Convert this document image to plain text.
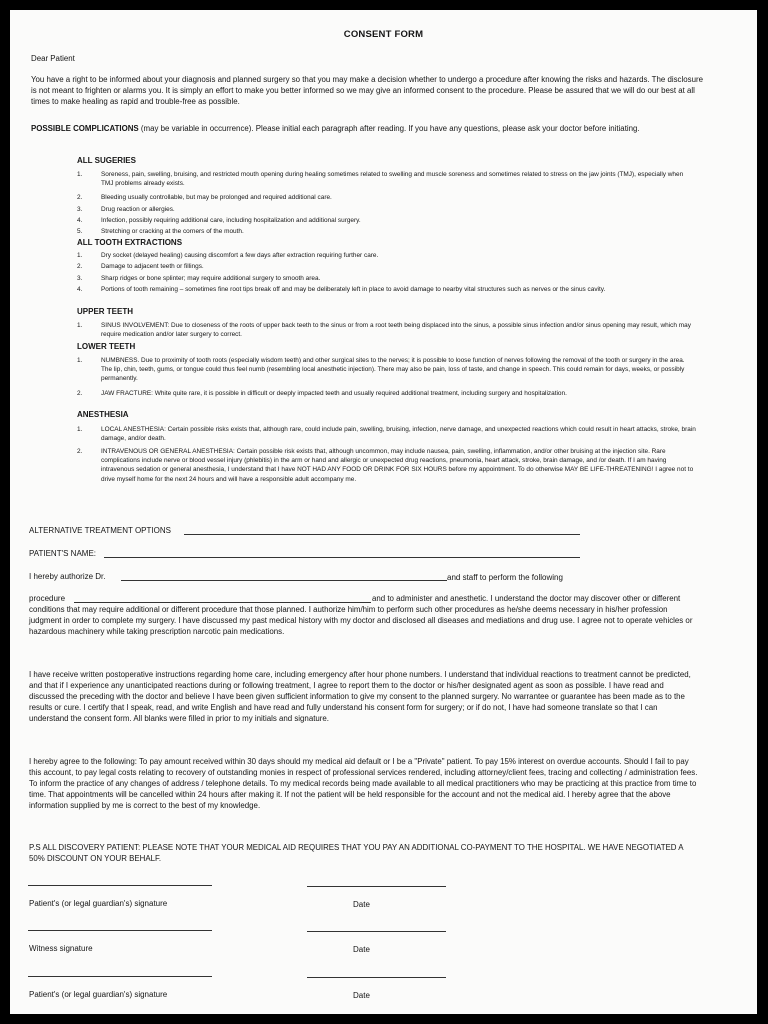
CONSENT FORM
Dear Patient
You have a right to be informed about your diagnosis and planned surgery so that you may make a decision whether to undergo a procedure after knowing the risks and hazards. The disclosure is not meant to frighten or alarms you. It is simply an effort to make you better informed so we may give an informed consent to the procedure. Please be assured that we will do our best at all times to make healing as rapid and trouble-free as possible.
POSSIBLE COMPLICATIONS (may be variable in occurrence). Please initial each paragraph after reading. If you have any questions, please ask your doctor before initiating.
ALL SUGERIES
1.	Soreness, pain, swelling, bruising, and restricted mouth opening during healing sometimes related to swelling and muscle soreness and sometimes related to stress on the jaw joints (TMJ), especially when TMJ problems already exists.
2.	Bleeding usually controllable, but may be prolonged and required additional care.
3.	Drug reaction or allergies.
4.	Infection, possibly requiring additional care, including hospitalization and additional surgery.
5.	Stretching or cracking at the corners of the mouth.
ALL TOOTH EXTRACTIONS
1.	Dry socket (delayed healing) causing discomfort a few days after extraction requiring further care.
2.	Damage to adjacent teeth or fillings.
3.	Sharp ridges or bone splinter; may require additional surgery to smooth area.
4.	Portions of tooth remaining – sometimes fine root tips break off and may be deliberately left in place to avoid damage to nearby vital structures such as nerves or the sinus cavity.
UPPER TEETH
1.	SINUS INVOLVEMENT: Due to closeness of the roots of upper back teeth to the sinus or from a root teeth being displaced into the sinus, a possible sinus infection and/or sinus opening may result, which may require medication and/or later surgery to correct.
LOWER TEETH
1.	NUMBNESS. Due to proximity of tooth roots (especially wisdom teeth) and other surgical sites to the nerves; it is possible to loose function of nerves following the removal of the tooth or surgery in the area. The lip, chin, teeth, gums, or tongue could thus feel numb (resembling local anesthetic injection). There may also be pain, loss of taste, and change in speech. This could remain for days, weeks, or possibly permanently.
2.	JAW FRACTURE: White quite rare, it is possible in difficult or deeply impacted teeth and usually required additional treatment, including surgery and hospitalization.
ANESTHESIA
1.	LOCAL ANESTHESIA: Certain possible risks exists that, although rare, could include pain, swelling, bruising, infection, nerve damage, and unexpected reactions which could result in heart attacks, stroke, brain damage, and/or death.
2.	INTRAVENOUS OR GENERAL ANESTHESIA: Certain possible risk exists that, although uncommon, may include nausea, pain, swelling, inflammation, and/or other bruising at the injection site. Rare complications include nerve or blood vessel injury (phlebitis) in the arm or hand and allergic or unexpected drug reactions, pneumonia, heart attack, stroke, brain damage, and /or death. If I am having intravenous sedation or general anesthesia, I understand that I have NOT HAD ANY FOOD OR DRINK FOR SIX HOURS before my appointment. To do otherwise MAY BE LIFE-THREATENING! I agree not to drive myself home for the next 24 hours and will have a responsible adult accompany me.
ALTERNATIVE TREATMENT OPTIONS
PATIENT'S NAME:
I hereby authorize Dr.	and staff to perform the following
procedure	and to administer and anesthetic. I understand the doctor may discover other or different conditions that may require additional or different procedure that those planned. I authorize him/him to perform such other procedures as he/she deems necessary in his/her profession judgment in order to complete my surgery. I have discussed my past medical history with my doctor and disclosed all diseases and mediations and drug use. I agree not to operate vehicles or hazardous machinery while taking prescription narcotic pain medications.
I have receive written postoperative instructions regarding home care, including emergency after hour phone numbers. I understand that individual reactions to treatment cannot be predicted, and that if I experience any unanticipated reactions during or following treatment, I agree to report them to the doctor or his/her designated agent as soon as possible. I have read and discussed the preceding with the doctor and believe I have been given sufficient information to give my consent to the planned surgery. No warrantee or guarantee has been made as to the results or cure. I certify that I speak, read, and write English and have read and fully understand his consent form for surgery; or if do not, I have had someone translate so that I can understand the consent form. All blanks were filled in prior to my initials and signature.
I hereby agree to the following: To pay amount received within 30 days should my medical aid default or I be a "Private" patient. To pay 15% interest on overdue accounts. Should I fail to pay this account, to pay legal costs relating to recovery of outstanding monies in respect of professional services rendered, including attorney/client fees, tracing and collecting / administration fees. To inform the practice of any changes of address / telephone details. To my medical records being made available to all medical practitioners who may be practicing at this practice from time to time. That appointments will be cancelled within 24 hours after making it. If not the patient will be held responsible for the account and not the medical aid. I hereby agree that the above information supplied by me is correct to the best of my knowledge.
P.S ALL DISCOVERY PATIENT: PLEASE NOTE THAT YOUR MEDICAL AID REQUIRES THAT YOU PAY AN ADDITIONAL CO-PAYMENT TO THE HOSPITAL. WE HAVE NEGOTIATED A 50% DISCOUNT ON YOUR BEHALF.
Patient's (or legal guardian's) signature	Date
Witness signature	Date
Patient's (or legal guardian's) signature	Date
